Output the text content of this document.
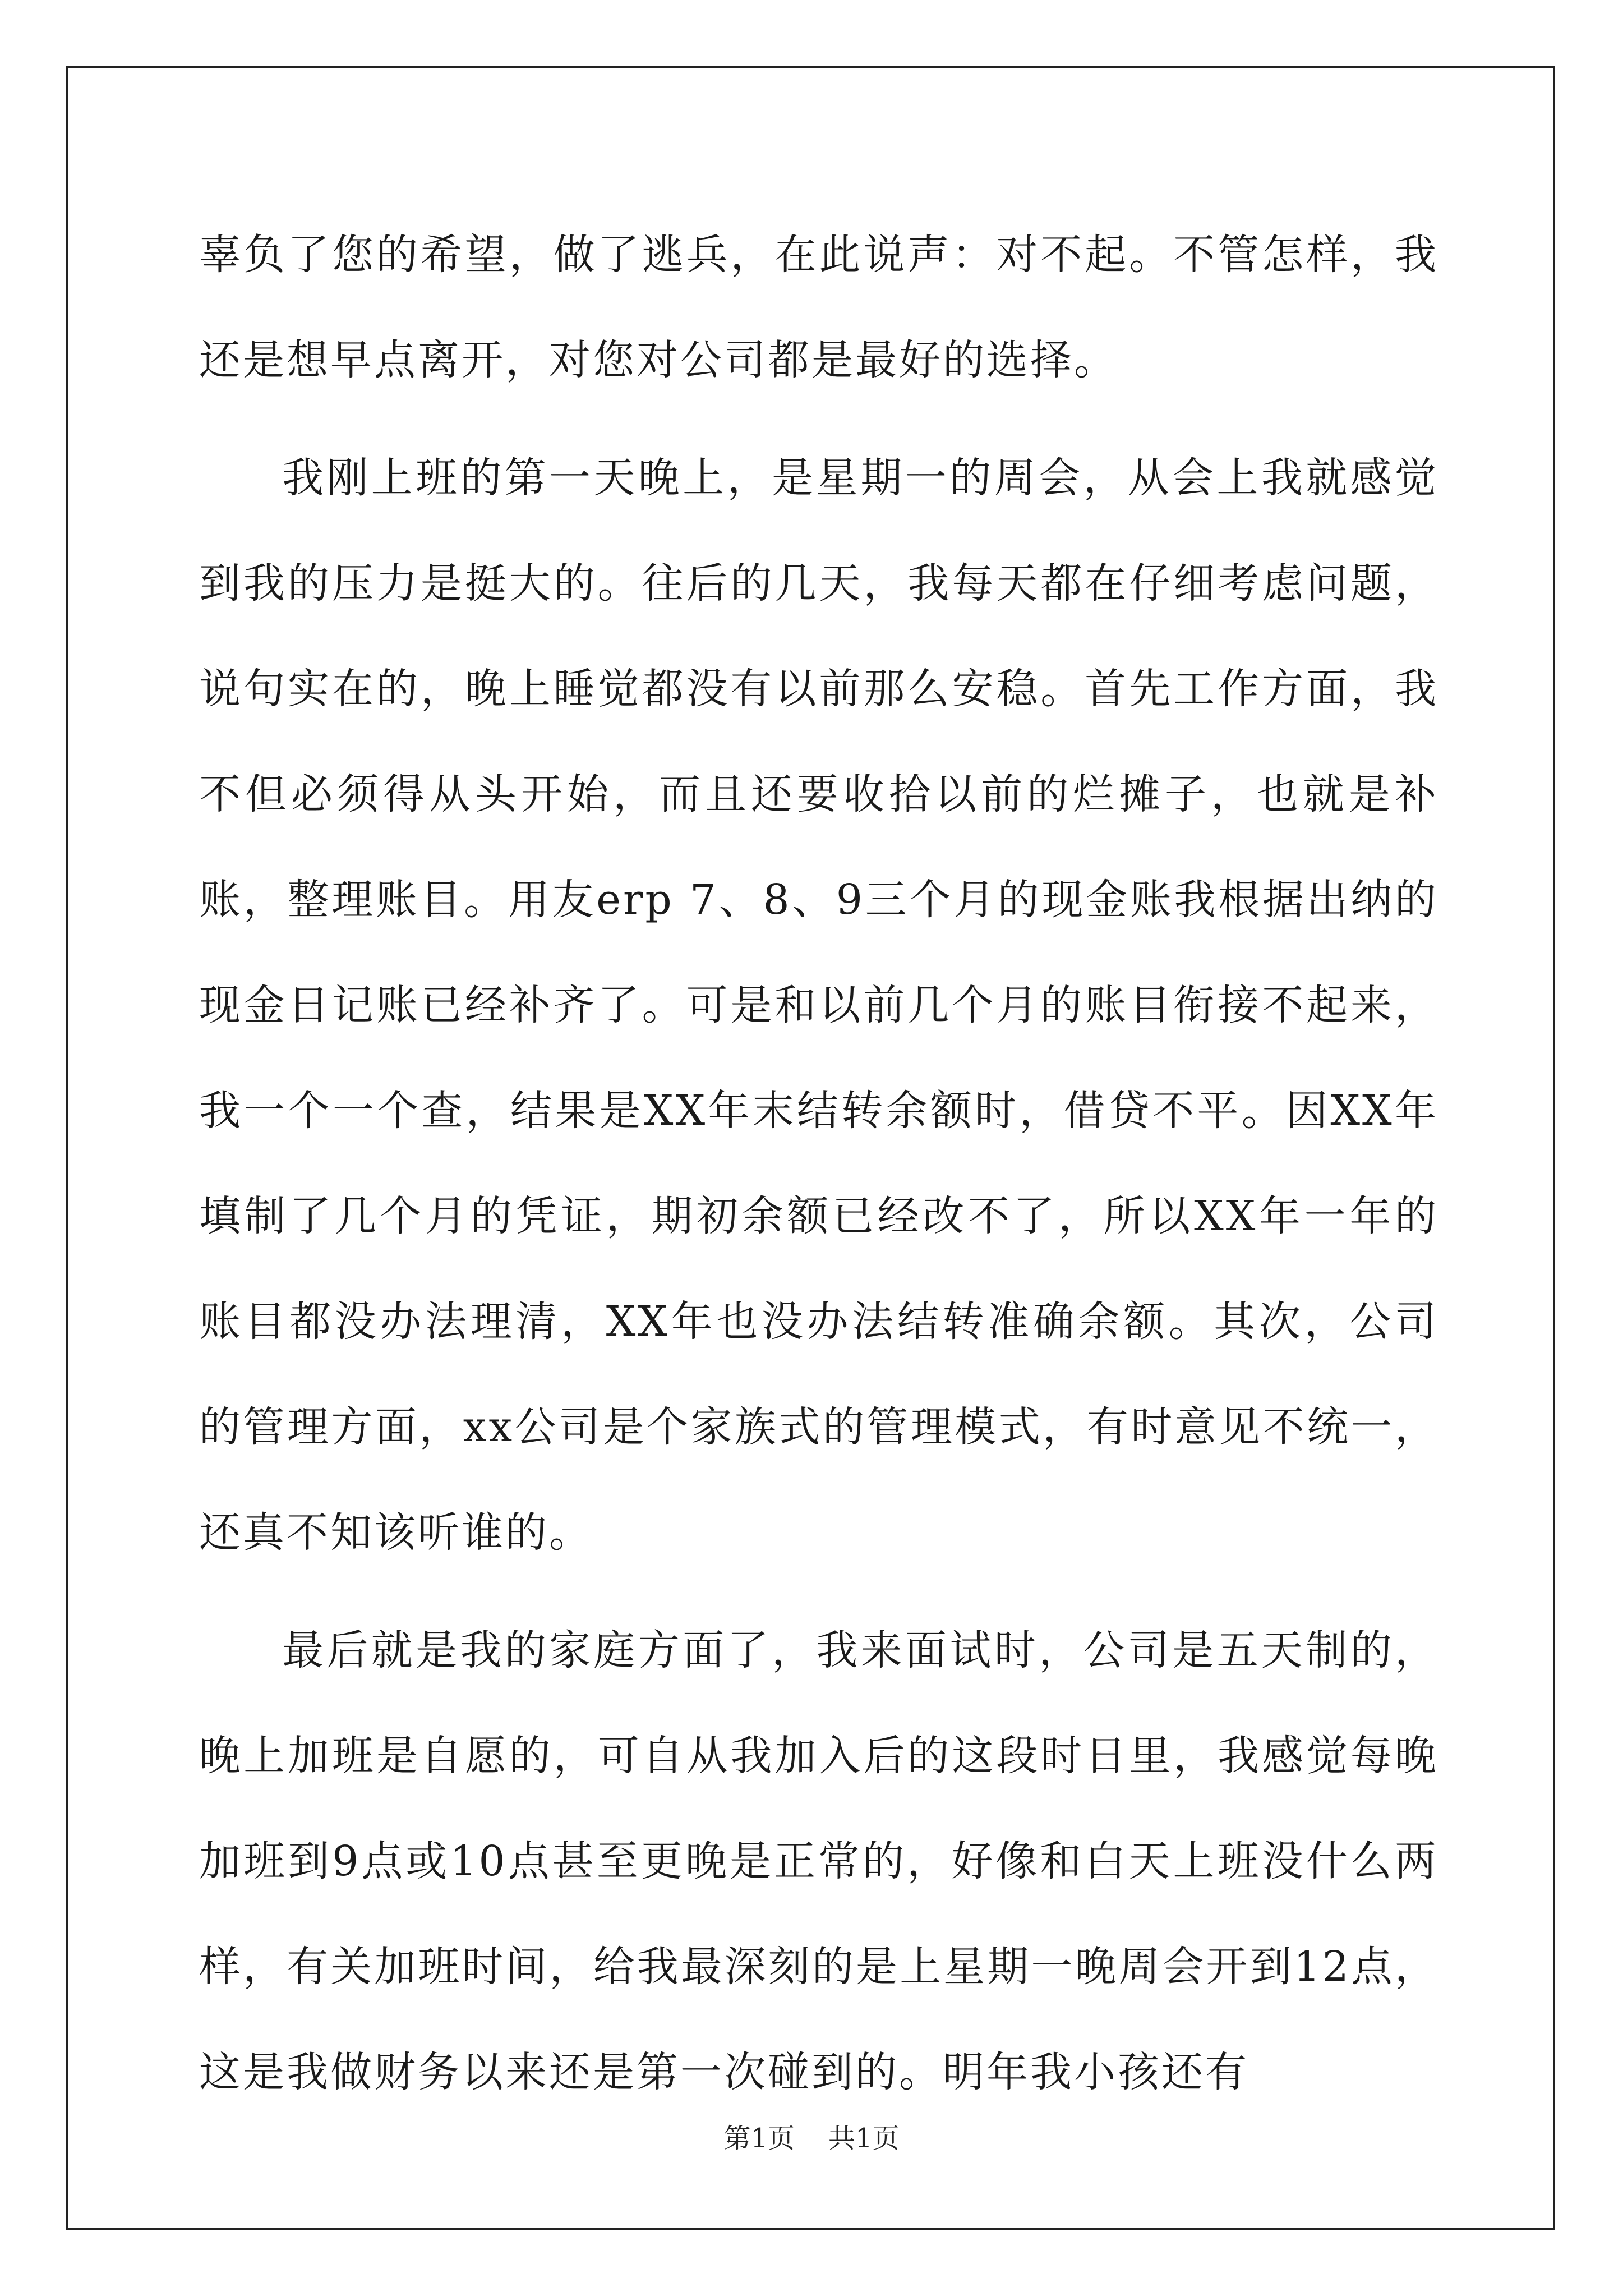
辜负了您的希望，做了逃兵，在此说声：对不起。不管怎样，我还是想早点离开，对您对公司都是最好的选择。

我刚上班的第一天晚上，是星期一的周会，从会上我就感觉到我的压力是挺大的。往后的几天，我每天都在仔细考虑问题，说句实在的，晚上睡觉都没有以前那么安稳。首先工作方面，我不但必须得从头开始，而且还要收拾以前的烂摊子，也就是补账，整理账目。用友erp 7、8、9三个月的现金账我根据出纳的现金日记账已经补齐了。可是和以前几个月的账目衔接不起来，我一个一个查，结果是XX年末结转余额时，借贷不平。因XX年填制了几个月的凭证，期初余额已经改不了，所以XX年一年的账目都没办法理清，XX年也没办法结转准确余额。其次，公司的管理方面，xx公司是个家族式的管理模式，有时意见不统一，还真不知该听谁的。

最后就是我的家庭方面了，我来面试时，公司是五天制的，晚上加班是自愿的，可自从我加入后的这段时日里，我感觉每晚加班到9点或10点甚至更晚是正常的，好像和白天上班没什么两样，有关加班时间，给我最深刻的是上星期一晚周会开到12点，这是我做财务以来还是第一次碰到的。明年我小孩还有

第1页 共1页
